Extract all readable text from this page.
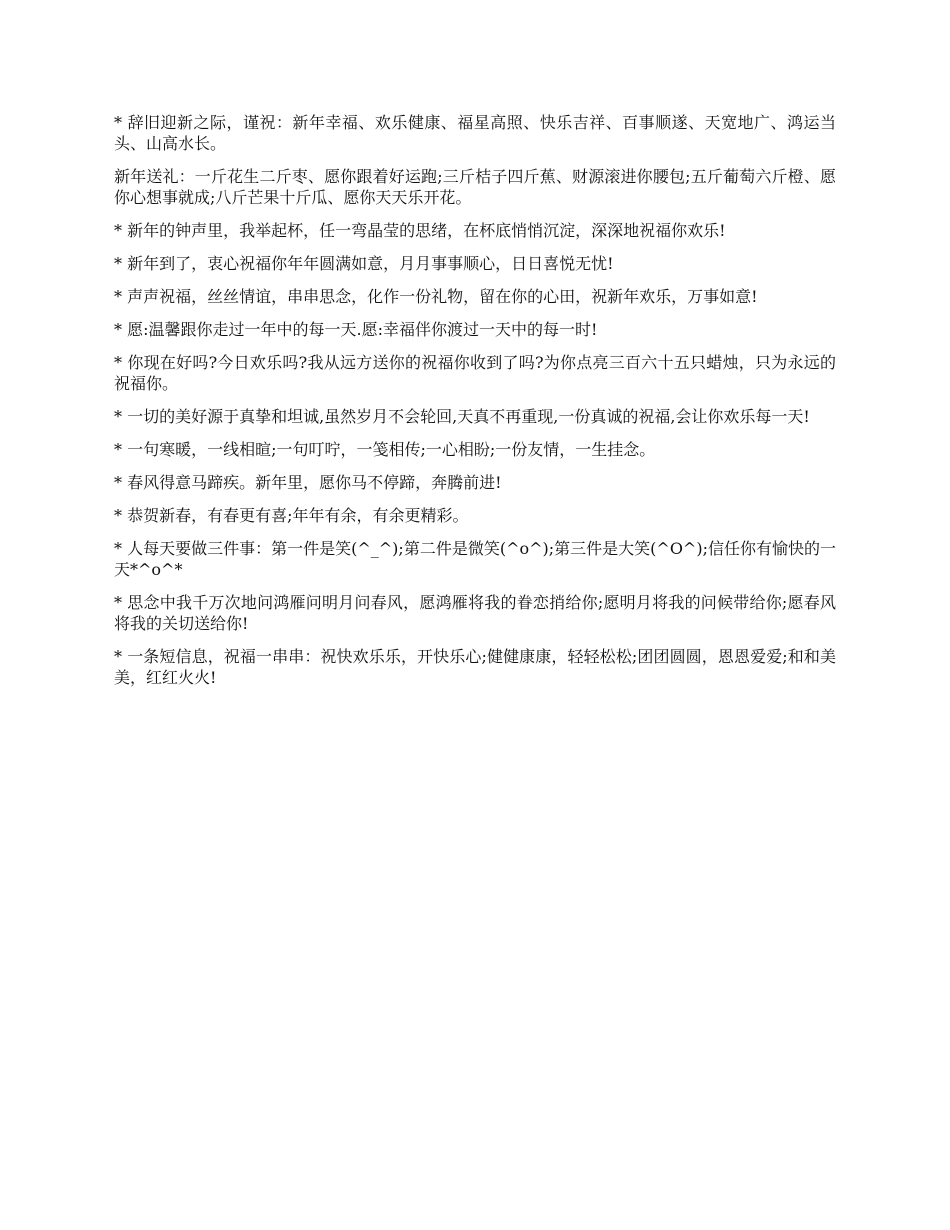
* 辞旧迎新之际，谨祝：新年幸福、欢乐健康、福星高照、快乐吉祥、百事顺遂、天宽地广、鸿运当头、山高水长。

新年送礼：一斤花生二斤枣、愿你跟着好运跑;三斤桔子四斤蕉、财源滚进你腰包;五斤葡萄六斤橙、愿你心想事就成;八斤芒果十斤瓜、愿你天天乐开花。

* 新年的钟声里，我举起杯，任一弯晶莹的思绪，在杯底悄悄沉淀，深深地祝福你欢乐!

* 新年到了，衷心祝福你年年圆满如意，月月事事顺心，日日喜悦无忧!

* 声声祝福，丝丝情谊，串串思念，化作一份礼物，留在你的心田，祝新年欢乐，万事如意!

* 愿:温馨跟你走过一年中的每一天.愿:幸福伴你渡过一天中的每一时!

* 你现在好吗?今日欢乐吗?我从远方送你的祝福你收到了吗?为你点亮三百六十五只蜡烛，只为永远的祝福你。

* 一切的美好源于真挚和坦诚,虽然岁月不会轮回,天真不再重现,一份真诚的祝福,会让你欢乐每一天!

* 一句寒暖，一线相暄;一句叮咛，一笺相传;一心相盼;一份友情，一生挂念。

* 春风得意马蹄疾。新年里，愿你马不停蹄，奔腾前进!

* 恭贺新春，有春更有喜;年年有余，有余更精彩。

* 人每天要做三件事：第一件是笑(^_^);第二件是微笑(^o^);第三件是大笑(^O^);信任你有愉快的一天*^o^*

* 思念中我千万次地问鸿雁问明月问春风，愿鸿雁将我的眷恋捎给你;愿明月将我的问候带给你;愿春风将我的关切送给你!

* 一条短信息，祝福一串串：祝快欢乐乐，开快乐心;健健康康，轻轻松松;团团圆圆，恩恩爱爱;和和美美，红红火火!
